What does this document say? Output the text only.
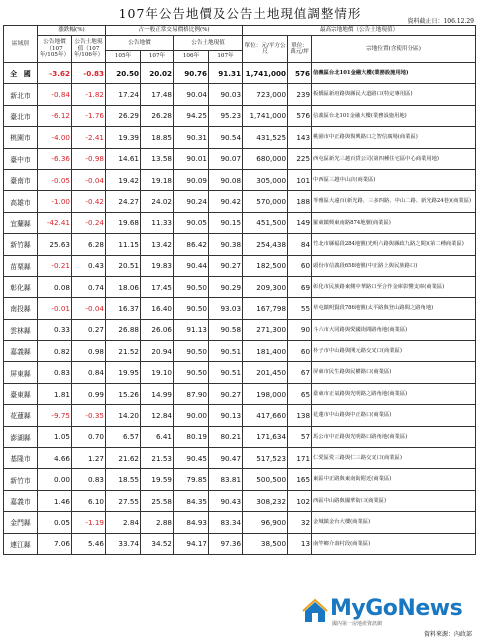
107年公告地價及公告土地現值調整情形
資料截止日：106.12.29
區域別	漲跌幅(%)		占一般正常交易價格比例(%)				最高宗地地價（公告土地現值）		
	公告地價（107年/105年）	公告土地現值（107年/106年）	公告地價		公告土地現值		單位：元/平方公尺	單位：萬元/坪	宗地位置(含使用分區)
			105年	107年	106年	107年			
全　國	-3.62	-0.83	20.50	20.02	90.76	91.31	1,741,000	576	信義區台北101金融大樓(業務設施用地)
新北市	-0.84	-1.82	17.24	17.48	90.04	90.03	723,000	239	板橋區新府路與縣民大道路口(特定專用區)
臺北市	-6.12	-1.76	26.29	26.28	94.25	95.23	1,741,000	576	信義區台北101金融大樓(業務設施用地)
桃園市	-4.00	-2.41	19.39	18.85	90.31	90.54	431,525	143	桃園市中正路與復興路口之智信廣場(商業區)
臺中市	-6.36	-0.98	14.61	13.58	90.01	90.07	680,000	225	西屯區新光三越百貨公司(第四種住宅區中心商業用地)
臺南市	-0.05	-0.04	19.42	19.18	90.09	90.08	305,000	101	中西區三越中山店(商業區)
高雄市	-1.00	-0.42	24.27	24.02	90.24	90.42	570,000	188	苓雅區大遠百(新光路、三多四路、中山二路、新光路24巷)(商業區)
宜蘭縣	-42.41	-0.24	19.68	11.33	90.05	90.15	451,500	149	羅東鎮興東南路874地號(商業區)
新竹縣	25.63	6.28	11.15	13.42	86.42	90.38	254,438	84	竹北市縣福段284地號(光明六路與縣政九路之間)(第二種商業區)
苗栗縣	-0.21	0.43	20.51	19.83	90.44	90.27	182,500	60	頭份市信義段658地號(中正路上與民族路口)
彰化縣	0.08	0.74	18.06	17.45	90.50	90.29	209,300	69	彰化市民族路東側中華路口至合作金庫影響支庫(商業區)
南投縣	-0.01	-0.04	16.37	16.40	90.50	93.03	167,798	55	草屯鎮明賢段786地號(太平路與登山路間之路角地)
雲林縣	0.33	0.27	26.88	26.06	91.13	90.58	271,300	90	斗六市大同路與愛國街間路角地(商業區)
嘉義縣	0.82	0.98	21.52	20.94	90.50	90.51	181,400	60	朴子市中山路與開元路交叉口(商業區)
屏東縣	0.83	0.84	19.95	19.10	90.50	90.51	201,450	67	屏東市民生路與民權路口(商業區)
臺東縣	1.81	0.99	15.26	14.99	87.90	90.27	198,000	65	臺東市正氣路與光明路之路角地(商業區)
花蓮縣	-9.75	-0.35	14.20	12.84	90.00	90.13	417,660	138	花蓮市中山路與中正路口(商業區)
澎湖縣	1.05	0.70	6.57	6.41	80.19	80.21	171,634	57	馬公市中正路與光明路口路角地(商業區)
基隆市	4.66	1.27	21.62	21.53	90.45	90.47	517,523	171	仁愛區愛三路與仁三路交叉口(商業區)
新竹市	0.00	0.83	18.55	19.59	79.85	83.81	500,500	165	東區中正路與東南街附近(商業區)
嘉義市	1.46	6.10	27.55	25.58	84.35	90.43	308,232	102	西區中山路與國華街口(商業區)
金門縣	0.05	-1.19	2.84	2.88	84.93	83.34	96,900	32	金城鎮金台大樓(商業區)
連江縣	7.06	5.46	33.74	34.52	94.17	97.36	38,500	13	南竿鄉介壽村段(商業區)
MyGoNews
國內第一房地產資訊網
資料來源：內政部
